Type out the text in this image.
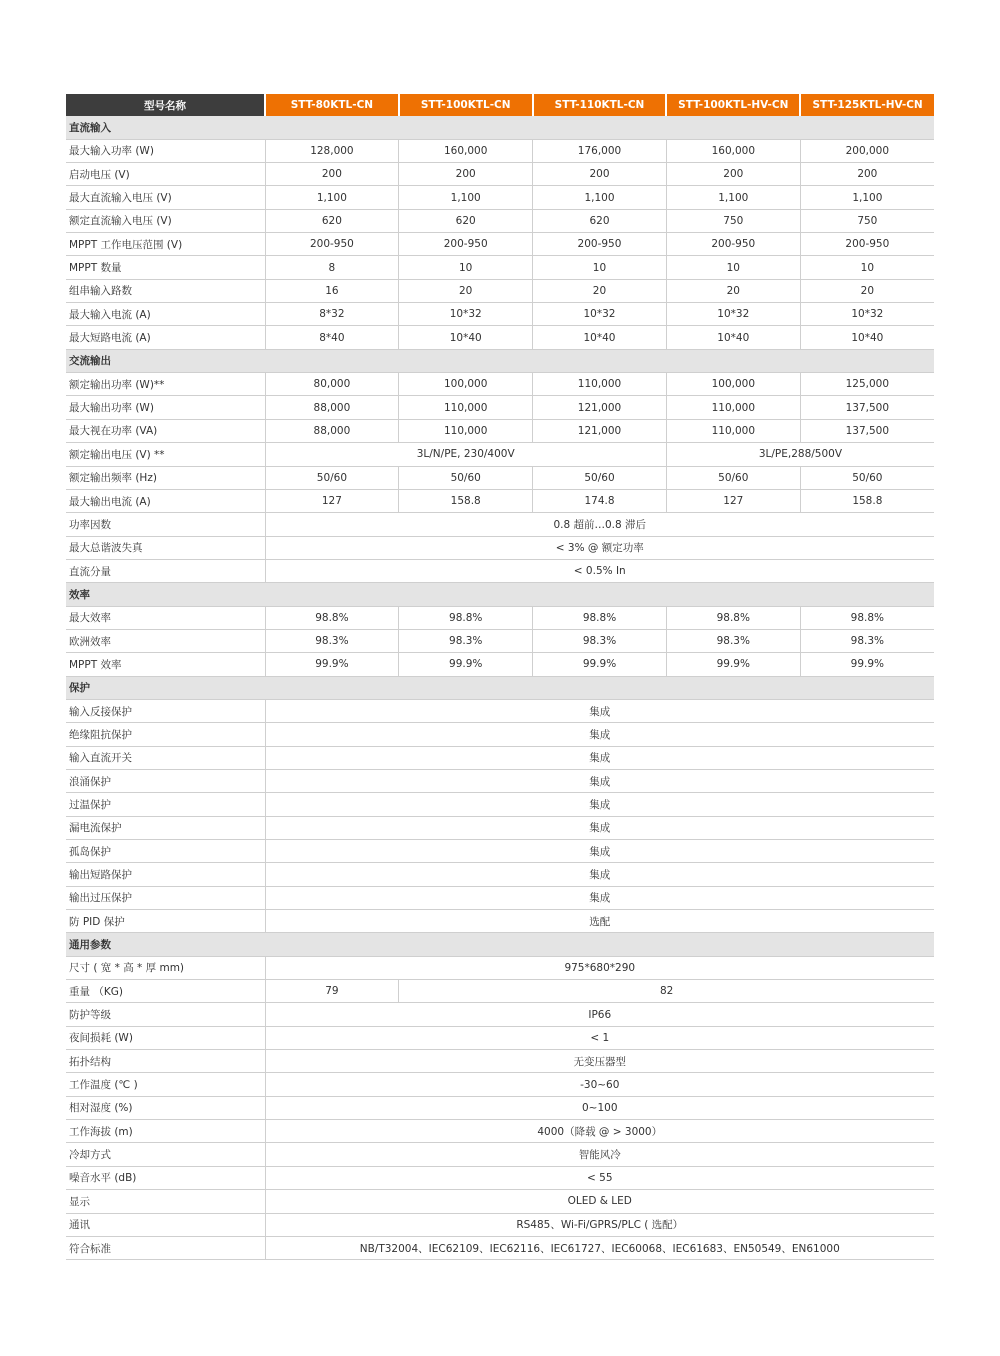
型号名称	STT-80KTL-CN	STT-100KTL-CN	STT-110KTL-CN	STT-100KTL-HV-CN	STT-125KTL-HV-CN
直流输入					
最大输入功率 (W)	128,000	160,000	176,000	160,000	200,000
启动电压 (V)	200	200	200	200	200
最大直流输入电压 (V)	1,100	1,100	1,100	1,100	1,100
额定直流输入电压 (V)	620	620	620	750	750
MPPT 工作电压范围 (V)	200-950	200-950	200-950	200-950	200-950
MPPT 数量	8	10	10	10	10
组串输入路数	16	20	20	20	20
最大输入电流 (A)	8*32	10*32	10*32	10*32	10*32
最大短路电流 (A)	8*40	10*40	10*40	10*40	10*40
交流输出					
额定输出功率 (W)**	80,000	100,000	110,000	100,000	125,000
最大输出功率 (W)	88,000	110,000	121,000	110,000	137,500
最大视在功率 (VA)	88,000	110,000	121,000	110,000	137,500
额定输出电压 (V) **	3L/N/PE, 230/400V			3L/PE,288/500V	
额定输出频率 (Hz)	50/60	50/60	50/60	50/60	50/60
最大输出电流 (A)	127	158.8	174.8	127	158.8
功率因数	0.8 超前…0.8 滞后				
最大总谐波失真	< 3% @ 额定功率				
直流分量	< 0.5% In				
效率					
最大效率	98.8%	98.8%	98.8%	98.8%	98.8%
欧洲效率	98.3%	98.3%	98.3%	98.3%	98.3%
MPPT 效率	99.9%	99.9%	99.9%	99.9%	99.9%
保护					
输入反接保护	集成				
绝缘阻抗保护	集成				
输入直流开关	集成				
浪涌保护	集成				
过温保护	集成				
漏电流保护	集成				
孤岛保护	集成				
输出短路保护	集成				
输出过压保护	集成				
防 PID 保护	选配				
通用参数					
尺寸 ( 宽 * 高 * 厚 mm)	975*680*290				
重量 （KG)	79	82			
防护等级	IP66				
夜间损耗 (W)	< 1				
拓扑结构	无变压器型				
工作温度 (℃ )	-30~60				
相对湿度 (%)	0~100				
工作海拔 (m)	4000（降载 @ > 3000）				
冷却方式	智能风冷				
噪音水平 (dB)	< 55				
显示	OLED & LED				
通讯	RS485、Wi-Fi/GPRS/PLC ( 选配）				
符合标准	NB/T32004、IEC62109、IEC62116、IEC61727、IEC60068、IEC61683、EN50549、EN61000				
